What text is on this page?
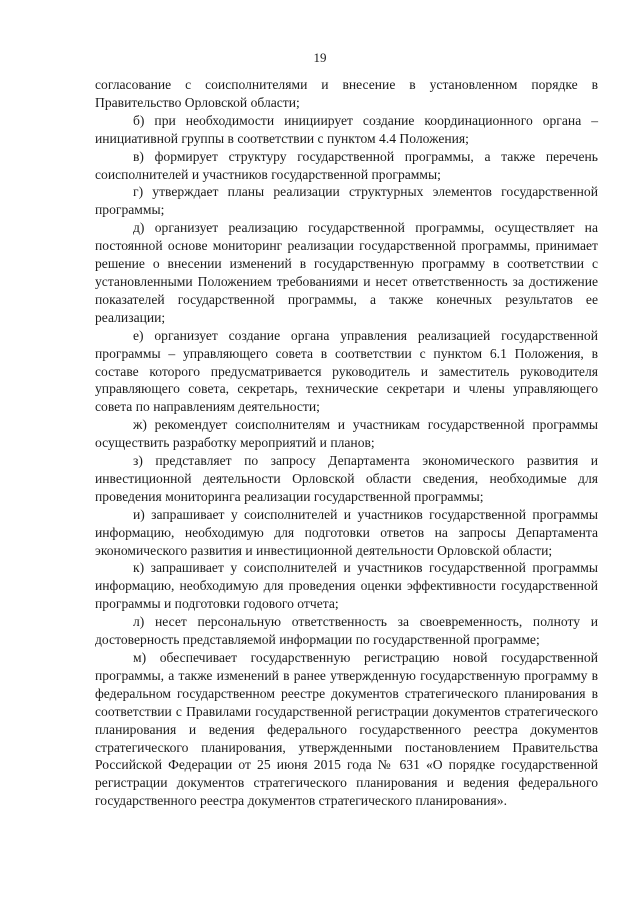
19

согласование с соисполнителями и внесение в установленном порядке в Правительство Орловской области;

б) при необходимости инициирует создание координационного органа – инициативной группы в соответствии с пунктом 4.4 Положения;

в) формирует структуру государственной программы, а также перечень соисполнителей и участников государственной программы;

г) утверждает планы реализации структурных элементов государственной программы;

д) организует реализацию государственной программы, осуществляет на постоянной основе мониторинг реализации государственной программы, принимает решение о внесении изменений в государственную программу в соответствии с установленными Положением требованиями и несет ответственность за достижение показателей государственной программы, а также конечных результатов ее реализации;

е) организует создание органа управления реализацией государственной программы – управляющего совета в соответствии с пунктом 6.1 Положения, в составе которого предусматривается руководитель и заместитель руководителя управляющего совета, секретарь, технические секретари и члены управляющего совета по направлениям деятельности;

ж) рекомендует соисполнителям и участникам государственной программы осуществить разработку мероприятий и планов;

з) представляет по запросу Департамента экономического развития и инвестиционной деятельности Орловской области сведения, необходимые для проведения мониторинга реализации государственной программы;

и) запрашивает у соисполнителей и участников государственной программы информацию, необходимую для подготовки ответов на запросы Департамента экономического развития и инвестиционной деятельности Орловской области;

к) запрашивает у соисполнителей и участников государственной программы информацию, необходимую для проведения оценки эффективности государственной программы и подготовки годового отчета;

л) несет персональную ответственность за своевременность, полноту и достоверность представляемой информации по государственной программе;

м) обеспечивает государственную регистрацию новой государственной программы, а также изменений в ранее утвержденную государственную программу в федеральном государственном реестре документов стратегического планирования в соответствии с Правилами государственной регистрации документов стратегического планирования и ведения федерального государственного реестра документов стратегического планирования, утвержденными постановлением Правительства Российской Федерации от 25 июня 2015 года № 631 «О порядке государственной регистрации документов стратегического планирования и ведения федерального государственного реестра документов стратегического планирования».
